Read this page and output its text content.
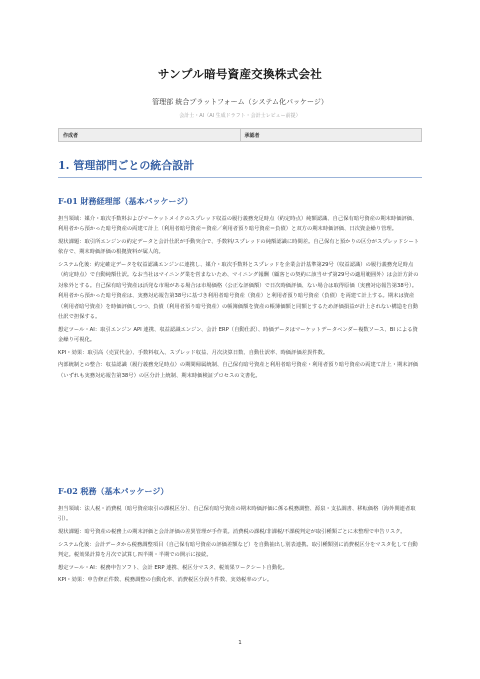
サンプル暗号資産交換株式会社
管理部 統合プラットフォーム（システム化パッケージ）
会計士・AI（AI 生成ドラフト・会計士レビュー前提）
作成者	承認者
1. 管理部門ごとの統合設計
F-01 財務経理部（基本パッケージ）

担当領域：媒介・取次手数料およびマーケットメイクのスプレッド収益の履行義務充足時点（約定時点）純額認識、自己保有暗号資産の期末時価評価、利用者から預かった暗号資産の両建て計上（利用者暗号資産＝資産／利用者預り暗号資産＝負債）と双方の期末時価評価、日次資金繰り管理。

現状課題：取引所エンジンの約定データと会計仕訳が手動突合で、手数料/スプレッドの純額認識に時間差。自己保有と預かりの区分がスプレッドシート依存で、期末時価評価の根拠資料が属人的。

システム化後：約定確定データを収益認識エンジンに連携し、媒介・取次手数料とスプレッドを企業会計基準第29号（収益認識）の履行義務充足時点（約定時点）で自動純額仕訳。なお当社はマイニング業を営まないため、マイニング報酬（顧客との契約に該当せず第29号の適用範囲外）は会計方針の対象外とする。自己保有暗号資産は活発な市場がある場合は市場価格（公正な評価額）で日次時価評価、ない場合は取得原価（実務対応報告第38号）。利用者から預かった暗号資産は、実務対応報告第38号に基づき利用者暗号資産（資産）と利用者預り暗号資産（負債）を両建て計上する。期末は資産（利用者暗号資産）を時価評価しつつ、負債（利用者預り暗号資産）の帳簿価額を資産の帳簿価額と同額とするため評価損益が計上されない構造を自動仕訳で担保する。

想定ツール・AI：取引エンジン API 連携、収益認識エンジン、会計 ERP（自動仕訳）、時価データはマーケットデータベンダー複数ソース、BI による資金繰り可視化。

KPI・効果：取引高（売買代金）、手数料収入、スプレッド収益、月次決算日数、自動仕訳率、時価評価差異件数。

内部統制との整合：収益認識（履行義務充足時点）の期間帰属統制、自己保有暗号資産と利用者暗号資産・利用者預り暗号資産の両建て計上・期末評価（いずれも実務対応報告第38号）の区分計上統制、期末時価検証プロセスの文書化。

F-02 税務（基本パッケージ）

担当領域：法人税・消費税（暗号資産取引の課税区分）、自己保有暗号資産の期末時価評価に係る税務調整、源泉・支払調書、移転価格（海外関連者取引）。

現状課題：暗号資産の税務上の期末評価と会計評価の差異管理が手作業。消費税の課税/非課税/不課税判定が取引種類ごとに未整理で申告リスク。

システム化後：会計データから税務調整項目（自己保有暗号資産の評価差額など）を自動抽出し別表連携。取引種類別に消費税区分をマスタ化して自動判定。税効果計算を月次で試算し四半期・半期での開示に接続。

想定ツール・AI：税務申告ソフト、会計 ERP 連携、税区分マスタ、税効果ワークシート自動化。

KPI・効果：申告修正件数、税務調整の自動化率、消費税区分誤り件数、実効税率のブレ。

1
